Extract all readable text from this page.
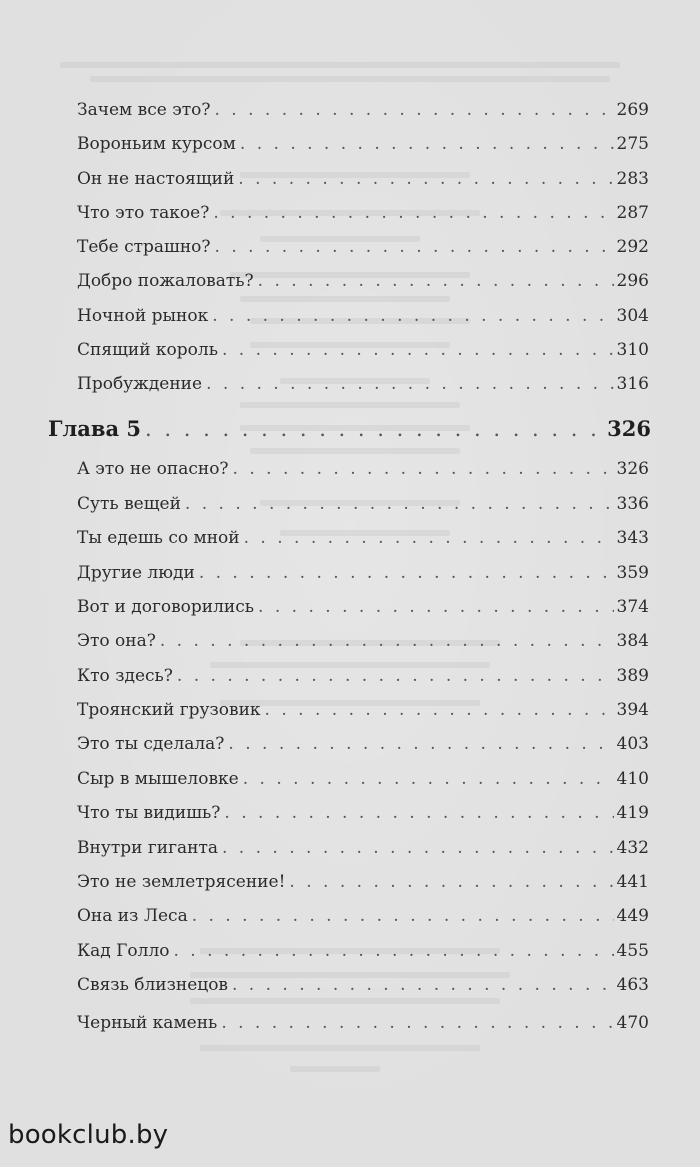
Зачем все это? . . .	269
Вороньим курсом . . .	275
Он не настоящий . . .	283
Что это такое? . . .	287
Тебе страшно? . . .	292
Добро пожаловать? . . .	296
Ночной рынок . . .	304
Спящий король . . .	310
Пробуждение . . .	316
Глава 5 . . .	326
А это не опасно? . . .	326
Суть вещей . . .	336
Ты едешь со мной . . .	343
Другие люди . . .	359
Вот и договорились . . .	374
Это она? . . .	384
Кто здесь? . . .	389
Троянский грузовик . . .	394
Это ты сделала? . . .	403
Сыр в мышеловке . . .	410
Что ты видишь? . . .	419
Внутри гиганта . . .	432
Это не землетрясение! . . .	441
Она из Леса . . .	449
Кад Голло . . .	455
Связь близнецов . . .	463
Черный камень . . .	470
bookclub.by
